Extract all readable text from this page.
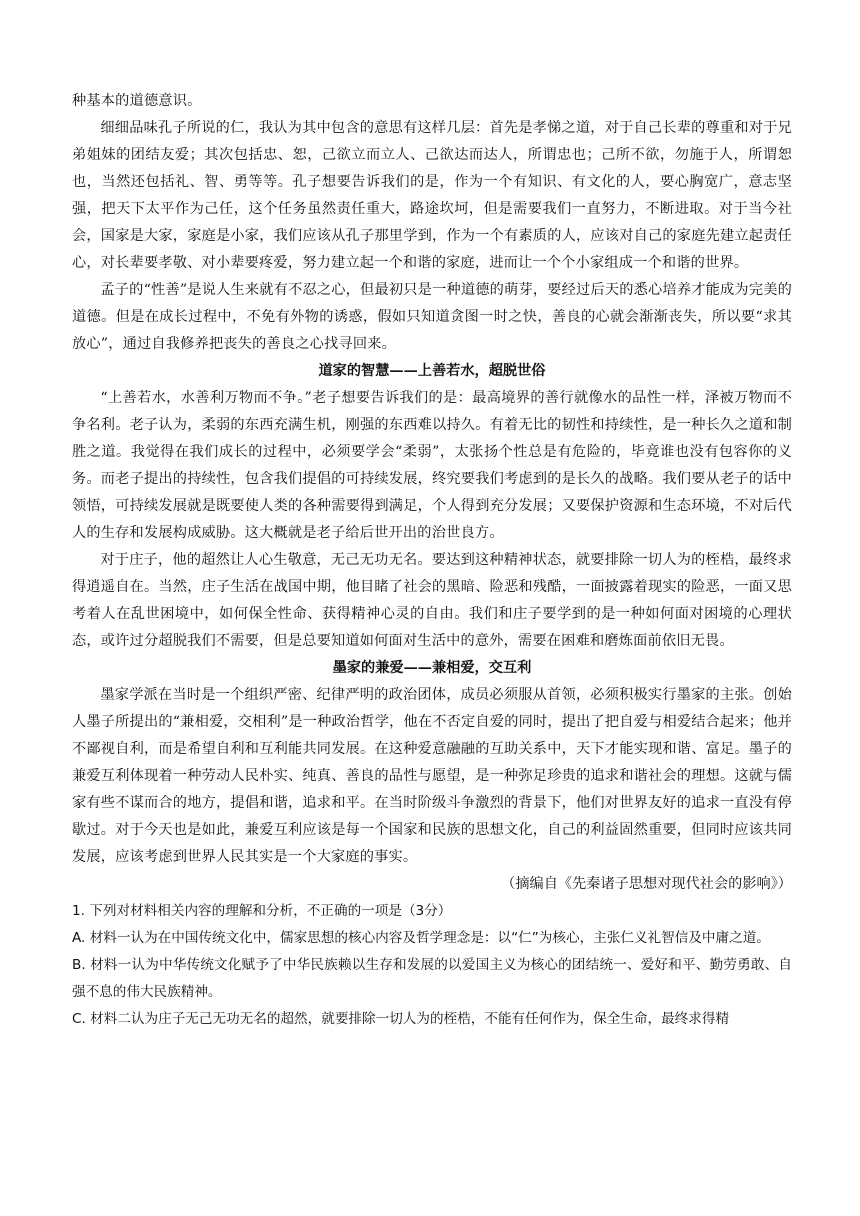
种基本的道德意识。

细细品味孔子所说的仁，我认为其中包含的意思有这样几层：首先是孝悌之道，对于自己长辈的尊重和对于兄弟姐妹的团结友爱；其次包括忠、恕，己欲立而立人、己欲达而达人，所谓忠也；己所不欲，勿施于人，所谓恕也，当然还包括礼、智、勇等等。孔子想要告诉我们的是，作为一个有知识、有文化的人，要心胸宽广，意志坚强，把天下太平作为己任，这个任务虽然责任重大，路途坎坷，但是需要我们一直努力，不断进取。对于当今社会，国家是大家，家庭是小家，我们应该从孔子那里学到，作为一个有素质的人，应该对自己的家庭先建立起责任心，对长辈要孝敬、对小辈要疼爱，努力建立起一个和谐的家庭，进而让一个个小家组成一个和谐的世界。

孟子的“性善”是说人生来就有不忍之心，但最初只是一种道德的萌芽，要经过后天的悉心培养才能成为完美的道德。但是在成长过程中，不免有外物的诱惑，假如只知道贪图一时之快，善良的心就会渐渐丧失，所以要“求其放心”，通过自我修养把丧失的善良之心找寻回来。

道家的智慧——上善若水，超脱世俗

“上善若水，水善利万物而不争。”老子想要告诉我们的是：最高境界的善行就像水的品性一样，泽被万物而不争名利。老子认为，柔弱的东西充满生机，刚强的东西难以持久。有着无比的韧性和持续性，是一种长久之道和制胜之道。我觉得在我们成长的过程中，必须要学会“柔弱”，太张扬个性总是有危险的，毕竟谁也没有包容你的义务。而老子提出的持续性，包含我们提倡的可持续发展，终究要我们考虑到的是长久的战略。我们要从老子的话中领悟，可持续发展就是既要使人类的各种需要得到满足，个人得到充分发展；又要保护资源和生态环境，不对后代人的生存和发展构成威胁。这大概就是老子给后世开出的治世良方。

对于庄子，他的超然让人心生敬意，无己无功无名。要达到这种精神状态，就要排除一切人为的桎梏，最终求得逍遥自在。当然，庄子生活在战国中期，他目睹了社会的黑暗、险恶和残酷，一面披露着现实的险恶，一面又思考着人在乱世困境中，如何保全性命、获得精神心灵的自由。我们和庄子要学到的是一种如何面对困境的心理状态，或许过分超脱我们不需要，但是总要知道如何面对生活中的意外，需要在困难和磨炼面前依旧无畏。

墨家的兼爱——兼相爱，交互利

墨家学派在当时是一个组织严密、纪律严明的政治团体，成员必须服从首领，必须积极实行墨家的主张。创始人墨子所提出的“兼相爱，交相利”是一种政治哲学，他在不否定自爱的同时，提出了把自爱与相爱结合起来；他并不鄙视自利，而是希望自利和互利能共同发展。在这种爱意融融的互助关系中，天下才能实现和谐、富足。墨子的兼爱互利体现着一种劳动人民朴实、纯真、善良的品性与愿望，是一种弥足珍贵的追求和谐社会的理想。这就与儒家有些不谋而合的地方，提倡和谐，追求和平。在当时阶级斗争激烈的背景下，他们对世界友好的追求一直没有停歇过。对于今天也是如此，兼爱互利应该是每一个国家和民族的思想文化，自己的利益固然重要，但同时应该共同发展，应该考虑到世界人民其实是一个大家庭的事实。

（摘编自《先秦诸子思想对现代社会的影响》）

1. 下列对材料相关内容的理解和分析，不正确的一项是（3分）

A. 材料一认为在中国传统文化中，儒家思想的核心内容及哲学理念是：以“仁”为核心，主张仁义礼智信及中庸之道。

B. 材料一认为中华传统文化赋予了中华民族赖以生存和发展的以爱国主义为核心的团结统一、爱好和平、勤劳勇敢、自强不息的伟大民族精神。

C. 材料二认为庄子无己无功无名的超然，就要排除一切人为的桎梏，不能有任何作为，保全生命，最终求得精
